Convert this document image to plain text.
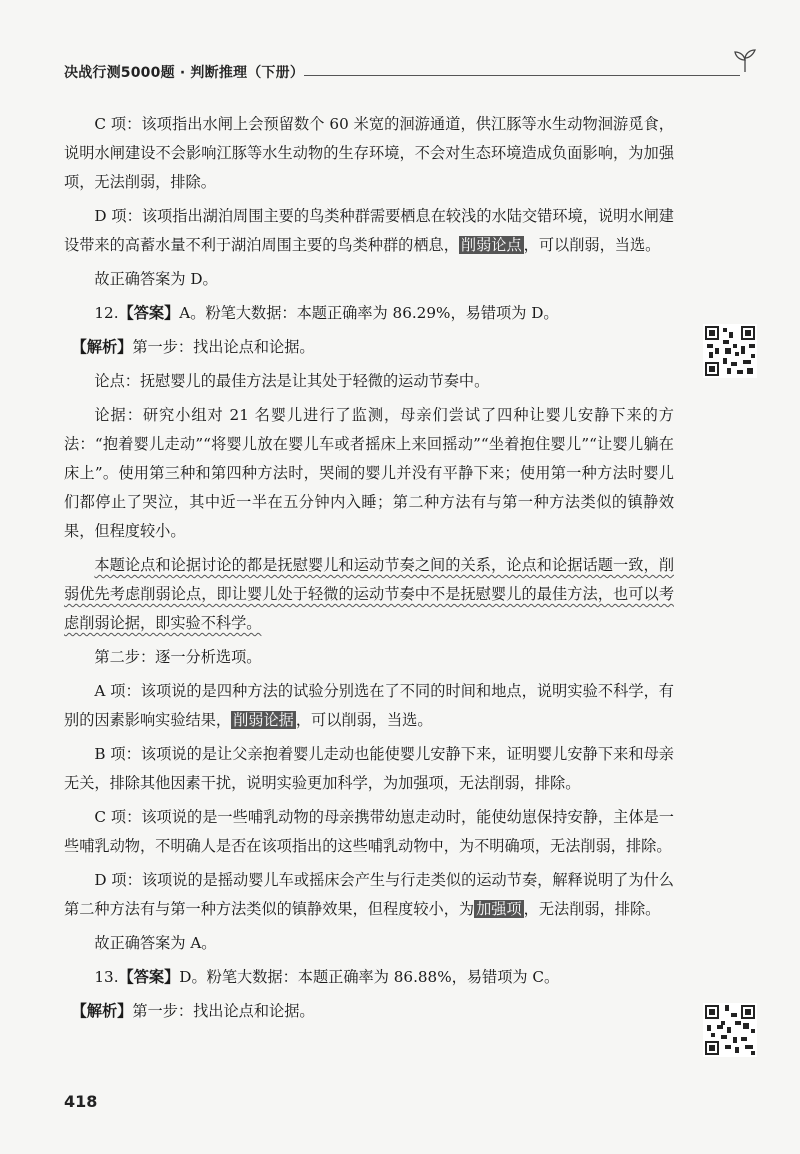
决战行测5000题 · 判断推理（下册）

C 项：该项指出水闸上会预留数个 60 米宽的洄游通道，供江豚等水生动物洄游觅食，说明水闸建设不会影响江豚等水生动物的生存环境，不会对生态环境造成负面影响，为加强项，无法削弱，排除。

D 项：该项指出湖泊周围主要的鸟类种群需要栖息在较浅的水陆交错环境，说明水闸建设带来的高蓄水量不利于湖泊周围主要的鸟类种群的栖息， 削弱论点 ，可以削弱，当选。

故正确答案为 D。

12.【答案】A。粉笔大数据：本题正确率为 86.29%，易错项为 D。

【解析】第一步：找出论点和论据。

论点：抚慰婴儿的最佳方法是让其处于轻微的运动节奏中。

论据：研究小组对 21 名婴儿进行了监测，母亲们尝试了四种让婴儿安静下来的方法：“抱着婴儿走动”“将婴儿放在婴儿车或者摇床上来回摇动”“坐着抱住婴儿”“让婴儿躺在床上”。使用第三种和第四种方法时，哭闹的婴儿并没有平静下来；使用第一种方法时婴儿们都停止了哭泣，其中近一半在五分钟内入睡；第二种方法有与第一种方法类似的镇静效果，但程度较小。

本题论点和论据讨论的都是抚慰婴儿和运动节奏之间的关系，论点和论据话题一致，削弱优先考虑削弱论点，即让婴儿处于轻微的运动节奏中不是抚慰婴儿的最佳方法，也可以考虑削弱论据，即实验不科学。

第二步：逐一分析选项。

A 项：该项说的是四种方法的试验分别选在了不同的时间和地点，说明实验不科学，有别的因素影响实验结果， 削弱论据 ，可以削弱，当选。

B 项：该项说的是让父亲抱着婴儿走动也能使婴儿安静下来，证明婴儿安静下来和母亲无关，排除其他因素干扰，说明实验更加科学，为加强项，无法削弱，排除。

C 项：该项说的是一些哺乳动物的母亲携带幼崽走动时，能使幼崽保持安静，主体是一些哺乳动物，不明确人是否在该项指出的这些哺乳动物中，为不明确项，无法削弱，排除。

D 项：该项说的是摇动婴儿车或摇床会产生与行走类似的运动节奏，解释说明了为什么第二种方法有与第一种方法类似的镇静效果，但程度较小，为 加强项 ，无法削弱，排除。

故正确答案为 A。

13.【答案】D。粉笔大数据：本题正确率为 86.88%，易错项为 C。

【解析】第一步：找出论点和论据。

418
